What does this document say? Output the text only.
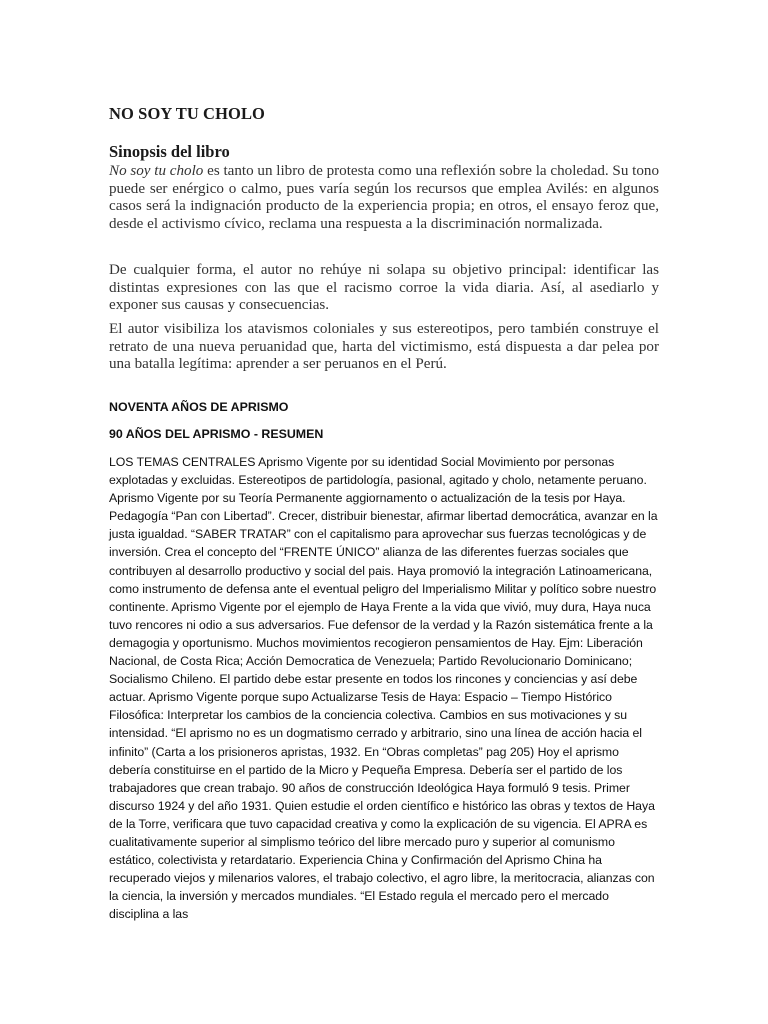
NO SOY TU CHOLO
Sinopsis del libro

No soy tu cholo es tanto un libro de protesta como una reflexión sobre la choledad. Su tono puede ser enérgico o calmo, pues varía según los recursos que emplea Avilés: en algunos casos será la indignación producto de la experiencia propia; en otros, el ensayo feroz que, desde el activismo cívico, reclama una respuesta a la discriminación normalizada.

De cualquier forma, el autor no rehúye ni solapa su objetivo principal: identificar las distintas expresiones con las que el racismo corroe la vida diaria. Así, al asediarlo y exponer sus causas y consecuencias.

El autor visibiliza los atavismos coloniales y sus estereotipos, pero también construye el retrato de una nueva peruanidad que, harta del victimismo, está dispuesta a dar pelea por una batalla legítima: aprender a ser peruanos en el Perú.

NOVENTA AÑOS DE APRISMO
90 AÑOS DEL APRISMO - RESUMEN

LOS TEMAS CENTRALES Aprismo Vigente por su identidad Social Movimiento por personas explotadas y excluidas. Estereotipos de partidología, pasional, agitado y cholo, netamente peruano. Aprismo Vigente por su Teoría Permanente aggiornamento o actualización de la tesis por Haya. Pedagogía “Pan con Libertad”. Crecer, distribuir bienestar, afirmar libertad democrática, avanzar en la justa igualdad. “SABER TRATAR” con el capitalismo para aprovechar sus fuerzas tecnológicas y de inversión. Crea el concepto del “FRENTE ÚNICO” alianza de las diferentes fuerzas sociales que contribuyen al desarrollo productivo y social del pais. Haya promovió la integración Latinoamericana, como instrumento de defensa ante el eventual peligro del Imperialismo Militar y político sobre nuestro continente. Aprismo Vigente por el ejemplo de Haya Frente a la vida que vivió, muy dura, Haya nuca tuvo rencores ni odio a sus adversarios. Fue defensor de la verdad y la Razón sistemática frente a la demagogia y oportunismo. Muchos movimientos recogieron pensamientos de Hay. Ejm: Liberación Nacional, de Costa Rica; Acción Democratica de Venezuela; Partido Revolucionario Dominicano; Socialismo Chileno. El partido debe estar presente en todos los rincones y conciencias y así debe actuar. Aprismo Vigente porque supo Actualizarse Tesis de Haya: Espacio – Tiempo Histórico Filosófica: Interpretar los cambios de la conciencia colectiva. Cambios en sus motivaciones y su intensidad. “El aprismo no es un dogmatismo cerrado y arbitrario, sino una línea de acción hacia el infinito” (Carta a los prisioneros apristas, 1932. En “Obras completas” pag 205) Hoy el aprismo debería constituirse en el partido de la Micro y Pequeña Empresa. Debería ser el partido de los trabajadores que crean trabajo. 90 años de construcción Ideológica Haya formuló 9 tesis. Primer discurso 1924 y del año 1931. Quien estudie el orden científico e histórico las obras y textos de Haya de la Torre, verificara que tuvo capacidad creativa y como la explicación de su vigencia. El APRA es cualitativamente superior al simplismo teórico del libre mercado puro y superior al comunismo estático, colectivista y retardatario. Experiencia China y Confirmación del Aprismo China ha recuperado viejos y milenarios valores, el trabajo colectivo, el agro libre, la meritocracia, alianzas con la ciencia, la inversión y mercados mundiales. “El Estado regula el mercado pero el mercado disciplina a las
